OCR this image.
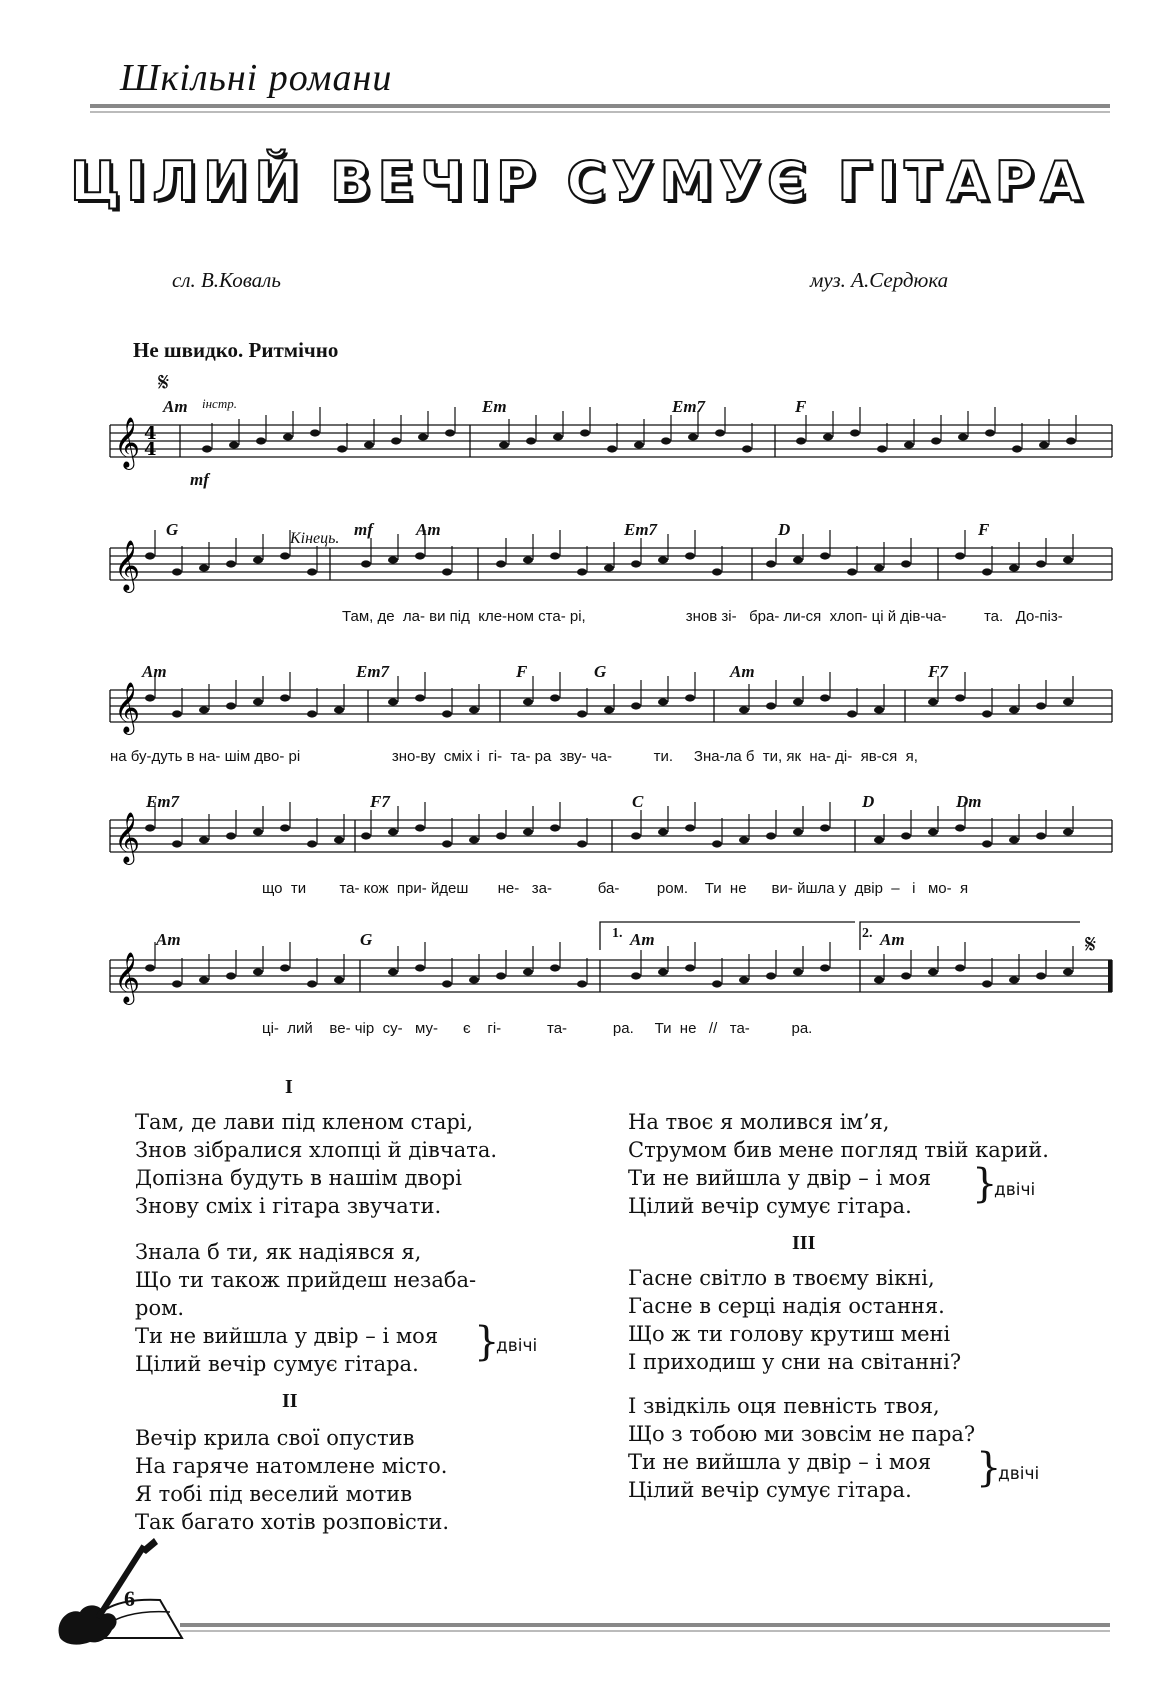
Шкільні романи
ЦІЛИЙ ВЕЧІР СУМУЄ ГІТАРА
сл. В.Коваль	муз. А.Сердюка
Не швидко. Ритмічно
𝄞
𝄞
𝄞
𝄞
𝄞
4
4
𝄋
𝄋
інстр.
mf
mf
Кінець.
1.	2.
Am	Em	Em7	F
G	Am	Em7	D	F
Am	Em7	F	G	Am	F7
Em7	F7	C	D	Dm
Am	G	Am	Am
Там, де  ла- ви під  кле-ном ста- рі,                        знов зі-   бра- ли-ся  хлоп- ці й дів-ча-         та.   До-піз-
на бу-дуть в на- шім дво- рі                      зно-ву  сміх і  гі-  та- ра  зву- ча-          ти.     Зна-ла б  ти, як  на- ді-  яв-ся  я,
що  ти        та- кож  при- йдеш       не-   за-           ба-         ром.    Ти  не      ви- йшла у  двір  –   і   мо-  я
ці-  лий    ве- чір  су-   му-      є    гі-           та-           ра.     Ти  не   //   та-          ра.
I
Там, де лави під кленом старі,
Знов зібралися хлопці й дівчата.
Допізна будуть в нашім дворі
Знову сміх і гітара звучати.
Знала б ти, як надіявся я,
Що ти також прийдеш незаба-
ром.
Ти не вийшла у двір – і моя
Цілий вечір сумує гітара.	}
двічі
II
Вечір крила свої опустив
На гаряче натомлене місто.
Я тобі під веселий мотив
Так багато хотів розповісти.
На твоє я молився ім’я,
Струмом бив мене погляд твій карий.
Ти не вийшла у двір – і моя
Цілий вечір сумує гітара.	}
двічі
III
Гасне світло в твоєму вікні,
Гасне в серці надія остання.
Що ж ти голову крутиш мені
І приходиш у сни на світанні?
І звідкіль оця певність твоя,
Що з тобою ми зовсім не пара?
Ти не вийшла у двір – і моя
Цілий вечір сумує гітара.	}
двічі
6
